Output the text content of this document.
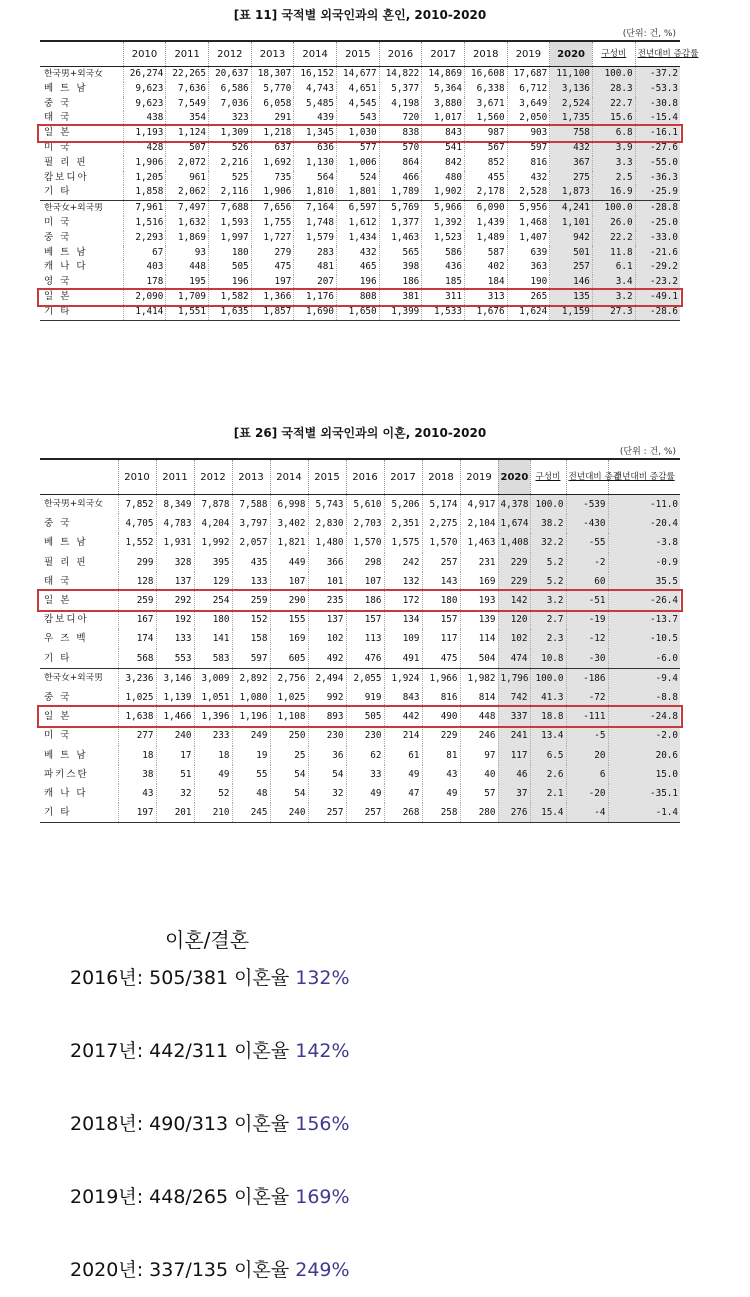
[표 11] 국적별 외국인과의 혼인, 2010-2020
(단위: 건, %)
	2010	2011	2012	2013	2014	2015	2016	2017	2018	2019	2020	구성비	전년대비 증감률
한국男+외국女	26,274	22,265	20,637	18,307	16,152	14,677	14,822	14,869	16,608	17,687	11,100	100.0	-37.2
베 트 남	9,623	7,636	6,586	5,770	4,743	4,651	5,377	5,364	6,338	6,712	3,136	28.3	-53.3
중 국	9,623	7,549	7,036	6,058	5,485	4,545	4,198	3,880	3,671	3,649	2,524	22.7	-30.8
태 국	438	354	323	291	439	543	720	1,017	1,560	2,050	1,735	15.6	-15.4
일 본	1,193	1,124	1,309	1,218	1,345	1,030	838	843	987	903	758	6.8	-16.1
미 국	428	507	526	637	636	577	570	541	567	597	432	3.9	-27.6
필 리 핀	1,906	2,072	2,216	1,692	1,130	1,006	864	842	852	816	367	3.3	-55.0
캄보디아	1,205	961	525	735	564	524	466	480	455	432	275	2.5	-36.3
기 타	1,858	2,062	2,116	1,906	1,810	1,801	1,789	1,902	2,178	2,528	1,873	16.9	-25.9
한국女+외국男	7,961	7,497	7,688	7,656	7,164	6,597	5,769	5,966	6,090	5,956	4,241	100.0	-28.8
미 국	1,516	1,632	1,593	1,755	1,748	1,612	1,377	1,392	1,439	1,468	1,101	26.0	-25.0
중 국	2,293	1,869	1,997	1,727	1,579	1,434	1,463	1,523	1,489	1,407	942	22.2	-33.0
베 트 남	67	93	180	279	283	432	565	586	587	639	501	11.8	-21.6
캐 나 다	403	448	505	475	481	465	398	436	402	363	257	6.1	-29.2
영 국	178	195	196	197	207	196	186	185	184	190	146	3.4	-23.2
일 본	2,090	1,709	1,582	1,366	1,176	808	381	311	313	265	135	3.2	-49.1
기 타	1,414	1,551	1,635	1,857	1,690	1,650	1,399	1,533	1,676	1,624	1,159	27.3	-28.6
[표 26] 국적별 외국인과의 이혼, 2010-2020
(단위 : 건, %)
	2010	2011	2012	2013	2014	2015	2016	2017	2018	2019	2020	구성비	전년대비 증감	전년대비 증감률
한국男+외국女	7,852	8,349	7,878	7,588	6,998	5,743	5,610	5,206	5,174	4,917	4,378	100.0	-539	-11.0
중 국	4,705	4,783	4,204	3,797	3,402	2,830	2,703	2,351	2,275	2,104	1,674	38.2	-430	-20.4
베 트 남	1,552	1,931	1,992	2,057	1,821	1,480	1,570	1,575	1,570	1,463	1,408	32.2	-55	-3.8
필 리 핀	299	328	395	435	449	366	298	242	257	231	229	5.2	-2	-0.9
태 국	128	137	129	133	107	101	107	132	143	169	229	5.2	60	35.5
일 본	259	292	254	259	290	235	186	172	180	193	142	3.2	-51	-26.4
캄보디아	167	192	180	152	155	137	157	134	157	139	120	2.7	-19	-13.7
우 즈 벡	174	133	141	158	169	102	113	109	117	114	102	2.3	-12	-10.5
기 타	568	553	583	597	605	492	476	491	475	504	474	10.8	-30	-6.0
한국女+외국男	3,236	3,146	3,009	2,892	2,756	2,494	2,055	1,924	1,966	1,982	1,796	100.0	-186	-9.4
중 국	1,025	1,139	1,051	1,080	1,025	992	919	843	816	814	742	41.3	-72	-8.8
일 본	1,638	1,466	1,396	1,196	1,108	893	505	442	490	448	337	18.8	-111	-24.8
미 국	277	240	233	249	250	230	230	214	229	246	241	13.4	-5	-2.0
베 트 남	18	17	18	19	25	36	62	61	81	97	117	6.5	20	20.6
파키스탄	38	51	49	55	54	54	33	49	43	40	46	2.6	6	15.0
캐 나 다	43	32	52	48	54	32	49	47	49	57	37	2.1	-20	-35.1
기 타	197	201	210	245	240	257	257	268	258	280	276	15.4	-4	-1.4
이혼/결혼
2016년: 505/381 이혼율 132%
2017년: 442/311 이혼율 142%
2018년: 490/313 이혼율 156%
2019년: 448/265 이혼율 169%
2020년: 337/135 이혼율 249%
